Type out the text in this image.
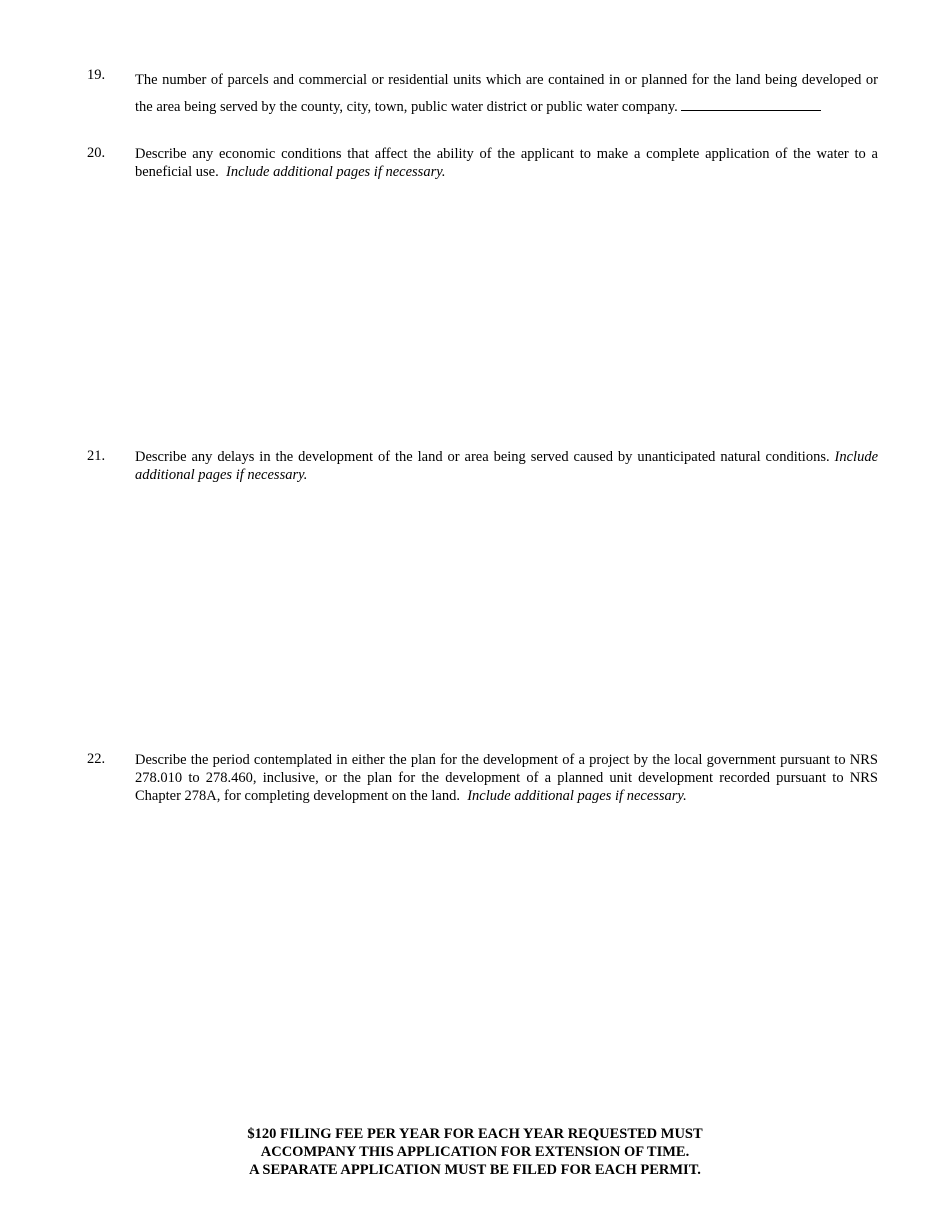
19.	The number of parcels and commercial or residential units which are contained in or planned for the land being developed or the area being served by the county, city, town, public water district or public water company.
20.	Describe any economic conditions that affect the ability of the applicant to make a complete application of the water to a beneficial use. Include additional pages if necessary.
21.	Describe any delays in the development of the land or area being served caused by unanticipated natural conditions. Include additional pages if necessary.
22.	Describe the period contemplated in either the plan for the development of a project by the local government pursuant to NRS 278.010 to 278.460, inclusive, or the plan for the development of a planned unit development recorded pursuant to NRS Chapter 278A, for completing development on the land. Include additional pages if necessary.
$120 FILING FEE PER YEAR FOR EACH YEAR REQUESTED MUST
ACCOMPANY THIS APPLICATION FOR EXTENSION OF TIME.
A SEPARATE APPLICATION MUST BE FILED FOR EACH PERMIT.
